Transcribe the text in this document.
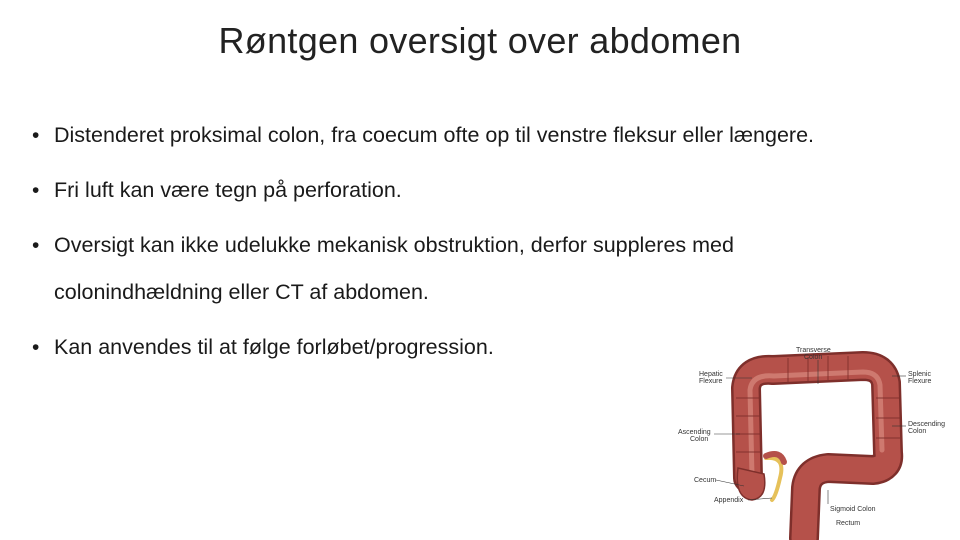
Røntgen oversigt over abdomen
• Distenderet proksimal colon, fra coecum ofte op til venstre fleksur eller længere.
• Fri luft kan være tegn på perforation.
• Oversigt kan ikke udelukke mekanisk obstruktion, derfor suppleres med colonindhældning eller CT af abdomen.
• Kan anvendes til at følge forløbet/progression.	Transverse
Colon
Hepatic
Flexure
Splenic
Flexure
Ascending
Colon
Descending
Colon
Cecum
Appendix
Sigmoid Colon
Rectum
